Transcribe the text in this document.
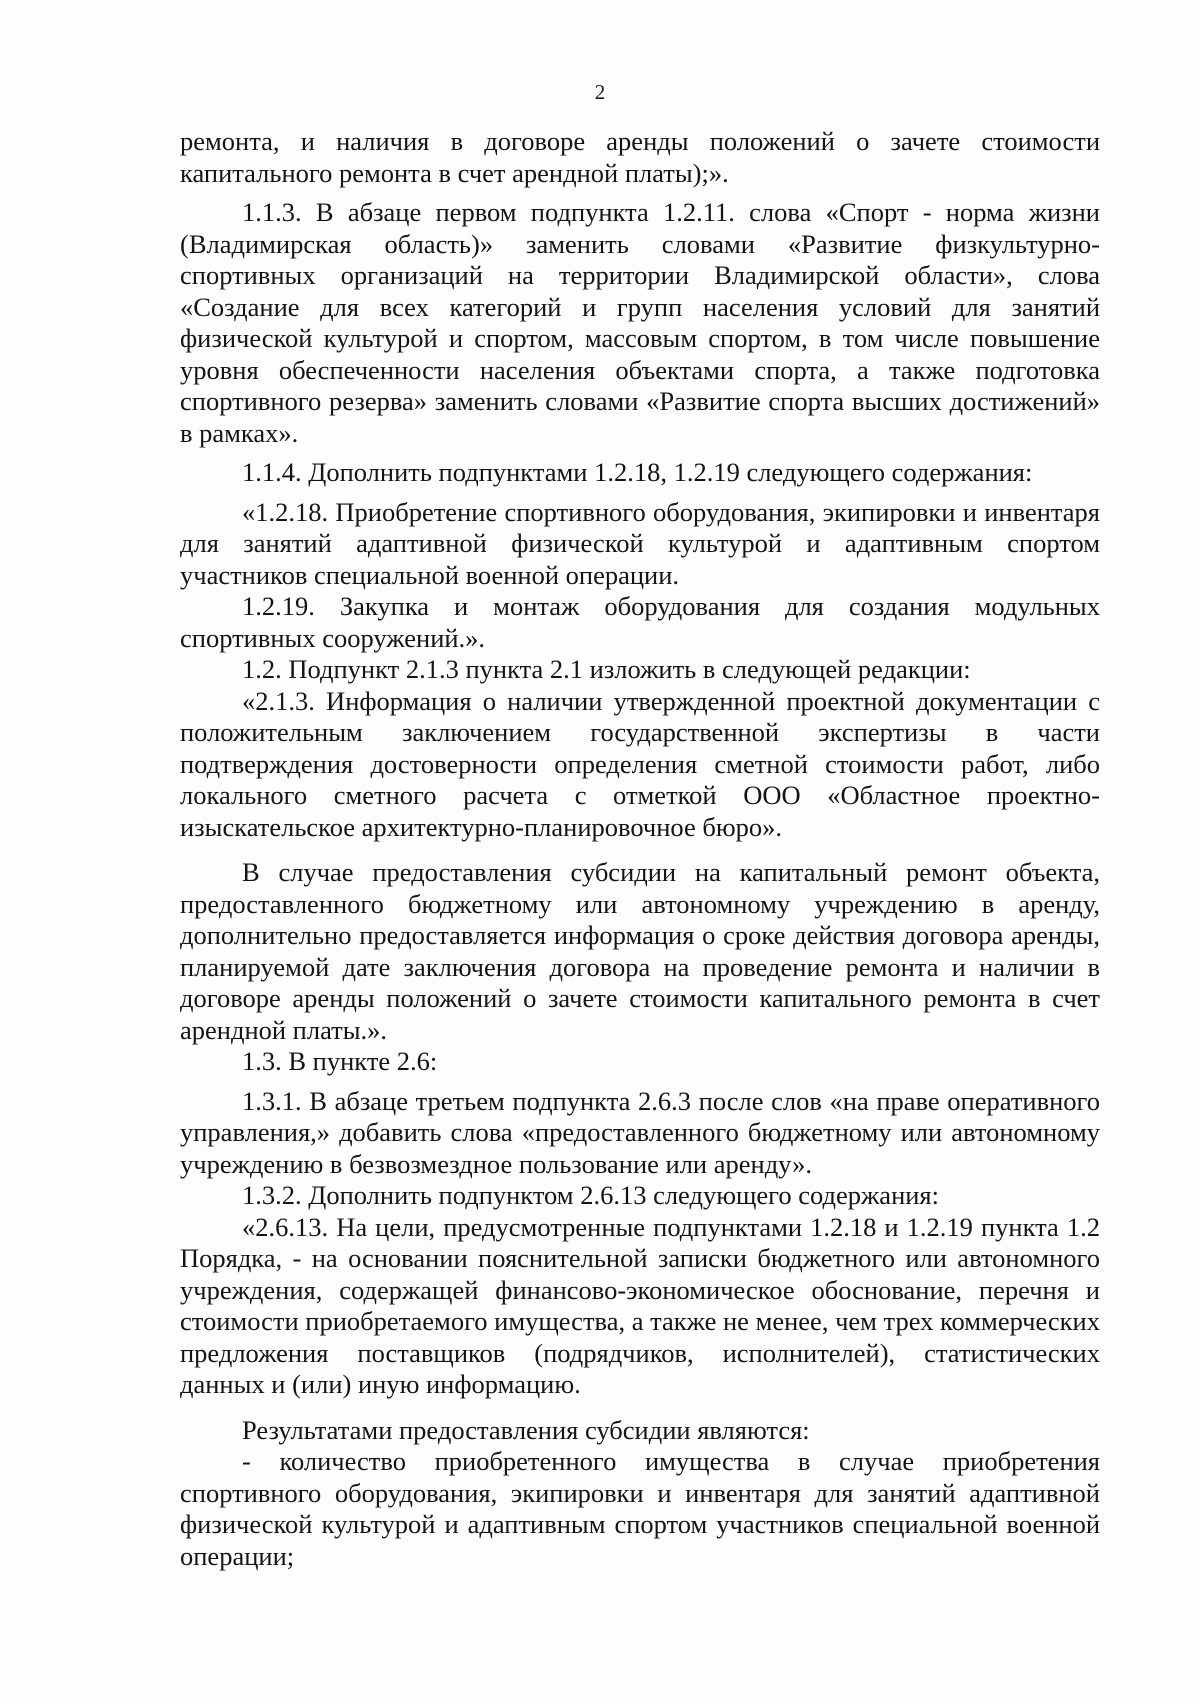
2

ремонта, и наличия в договоре аренды положений о зачете стоимости капитального ремонта в счет арендной платы);».

1.1.3. В абзаце первом подпункта 1.2.11. слова «Спорт - норма жизни (Владимирская область)» заменить словами «Развитие физкультурно-спортивных организаций на территории Владимирской области», слова «Создание для всех категорий и групп населения условий для занятий физической культурой и спортом, массовым спортом, в том числе повышение уровня обеспеченности населения объектами спорта, а также подготовка спортивного резерва» заменить словами «Развитие спорта высших достижений» в рамках».

1.1.4. Дополнить подпунктами 1.2.18, 1.2.19 следующего содержания:

«1.2.18. Приобретение спортивного оборудования, экипировки и инвентаря для занятий адаптивной физической культурой и адаптивным спортом участников специальной военной операции.

1.2.19. Закупка и монтаж оборудования для создания модульных спортивных сооружений.».

1.2. Подпункт 2.1.3 пункта 2.1 изложить в следующей редакции:

«2.1.3. Информация о наличии утвержденной проектной документации с положительным заключением государственной экспертизы в части подтверждения достоверности определения сметной стоимости работ, либо локального сметного расчета с отметкой ООО «Областное проектно-изыскательское архитектурно-планировочное бюро».

В случае предоставления субсидии на капитальный ремонт объекта, предоставленного бюджетному или автономному учреждению в аренду, дополнительно предоставляется информация о сроке действия договора аренды, планируемой дате заключения договора на проведение ремонта и наличии в договоре аренды положений о зачете стоимости капитального ремонта в счет арендной платы.».

1.3. В пункте 2.6:

1.3.1. В абзаце третьем подпункта 2.6.3 после слов «на праве оперативного управления,» добавить слова «предоставленного бюджетному или автономному учреждению в безвозмездное пользование или аренду».

1.3.2. Дополнить подпунктом 2.6.13 следующего содержания:

«2.6.13. На цели, предусмотренные подпунктами 1.2.18 и 1.2.19 пункта 1.2 Порядка, - на основании пояснительной записки бюджетного или автономного учреждения, содержащей финансово-экономическое обоснование, перечня и стоимости приобретаемого имущества, а также не менее, чем трех коммерческих предложения поставщиков (подрядчиков, исполнителей), статистических данных и (или) иную информацию.

Результатами предоставления субсидии являются:

- количество приобретенного имущества в случае приобретения спортивного оборудования, экипировки и инвентаря для занятий адаптивной физической культурой и адаптивным спортом участников специальной военной операции;
